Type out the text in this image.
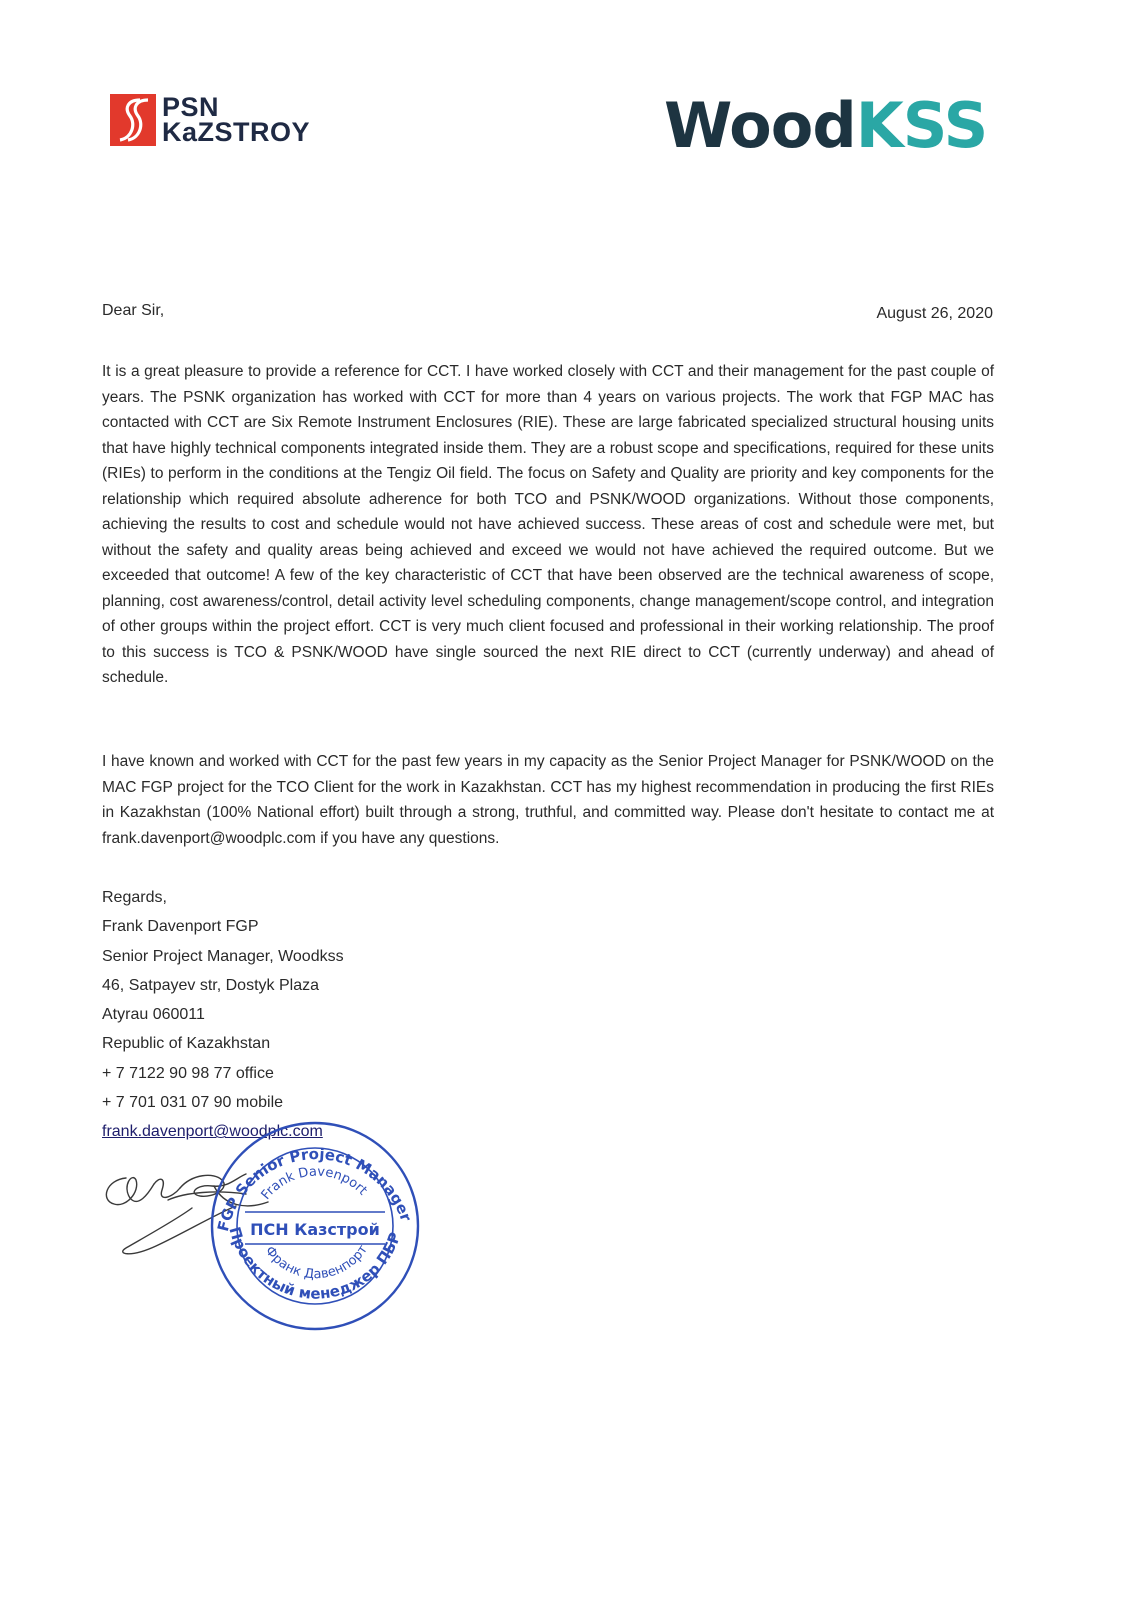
PSN
KaZSTROY	WoodKSS
Dear Sir,	August 26, 2020

It is a great pleasure to provide a reference for CCT. I have worked closely with CCT and their management for the past couple of years. The PSNK organization has worked with CCT for more than 4 years on various projects. The work that FGP MAC has contacted with CCT are Six Remote Instrument Enclosures (RIE). These are large fabricated specialized structural housing units that have highly technical components integrated inside them. They are a robust scope and specifications, required for these units (RIEs) to perform in the conditions at the Tengiz Oil field. The focus on Safety and Quality are priority and key components for the relationship which required absolute adherence for both TCO and PSNK/WOOD organizations. Without those components, achieving the results to cost and schedule would not have achieved success. These areas of cost and schedule were met, but without the safety and quality areas being achieved and exceed we would not have achieved the required outcome. But we exceeded that outcome! A few of the key characteristic of CCT that have been observed are the technical awareness of scope, planning, cost awareness/control, detail activity level scheduling components, change management/scope control, and integration of other groups within the project effort. CCT is very much client focused and professional in their working relationship. The proof to this success is TCO & PSNK/WOOD have single sourced the next RIE direct to CCT (currently underway) and ahead of schedule.

I have known and worked with CCT for the past few years in my capacity as the Senior Project Manager for PSNK/WOOD on the MAC FGP project for the TCO Client for the work in Kazakhstan. CCT has my highest recommendation in producing the first RIEs in Kazakhstan (100% National effort) built through a strong, truthful, and committed way. Please don't hesitate to contact me at frank.davenport@woodplc.com if you have any questions.

Regards,
Frank Davenport FGP
Senior Project Manager, Woodkss
46, Satpayev str, Dostyk Plaza
Atyrau 060011
Republic of Kazakhstan
+ 7 7122 90 98 77 office
+ 7 701 031 07 90 mobile
frank.davenport@woodplc.com
FGP Senior Project Manager
Frank Davenport
ПСН Казстрой
Франк Давенпорт
Проектный менеджер ПБР
